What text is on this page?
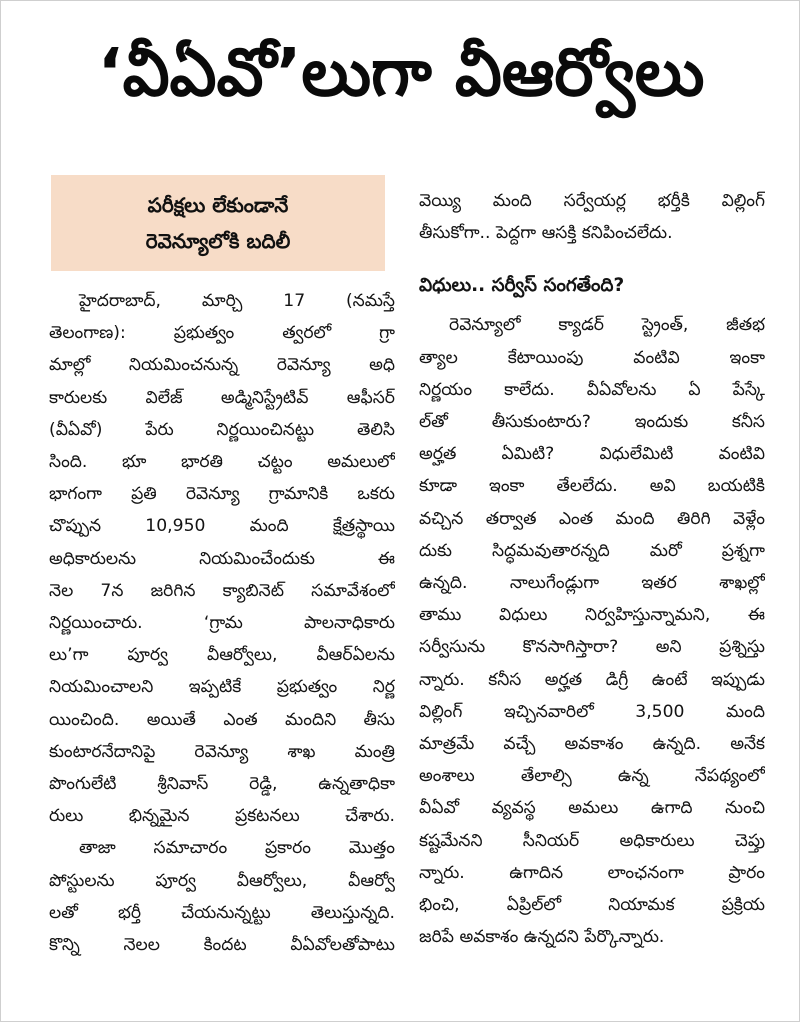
‘వీఏవో’లుగా వీఆర్వోలు
పరీక్షలు లేకుండానే
రెవెన్యూలోకి బదిలీ
హైదరాబాద్, మార్చి 17 (నమస్తే
తెలంగాణ): ప్రభుత్వం త్వరలో గ్రా
మాల్లో నియమించనున్న రెవెన్యూ అధి
కారులకు విలేజ్ అడ్మినిస్ట్రేటివ్ ఆఫీసర్
(వీఏవో) పేరు నిర్ణయించినట్టు తెలిసి
సింది. భూ భారతి చట్టం అమలులో
భాగంగా ప్రతి రెవెన్యూ గ్రామానికి ఒకరు
చొప్పున 10,950 మంది క్షేత్రస్థాయి
అధికారులను నియమించేందుకు ఈ
నెల 7న జరిగిన క్యాబినెట్ సమావేశంలో
నిర్ణయించారు. ‘గ్రామ పాలనాధికారు
లు’గా పూర్వ వీఆర్వోలు, వీఆర్ఏలను
నియమించాలని ఇప్పటికే ప్రభుత్వం నిర్ణ
యించింది. అయితే ఎంత మందిని తీసు
కుంటారనేదానిపై రెవెన్యూ శాఖ మంత్రి
పొంగులేటి శ్రీనివాస్ రెడ్డి, ఉన్నతాధికా
రులు భిన్నమైన ప్రకటనలు చేశారు.
తాజా సమాచారం ప్రకారం మొత్తం
పోస్టులను పూర్వ వీఆర్వోలు, వీఆర్వో
లతో భర్తీ చేయనున్నట్టు తెలుస్తున్నది.
కొన్ని నెలల కిందట వీఏవోలతోపాటు
వెయ్యి మంది సర్వేయర్ల భర్తీకి విల్లింగ్
తీసుకోగా.. పెద్దగా ఆసక్తి కనిపించలేదు.
విధులు.. సర్వీస్ సంగతేంది?
రెవెన్యూలో క్యాడర్ స్ట్రెంత్, జీతభ
త్యాల కేటాయింపు వంటివి ఇంకా
నిర్ణయం కాలేదు. వీఏవోలను ఏ పేస్కే
ల్‌తో తీసుకుంటారు? ఇందుకు కనీస
అర్హత ఏమిటి? విధులేమిటి వంటివి
కూడా ఇంకా తేలలేదు. అవి బయటికి
వచ్చిన తర్వాత ఎంత మంది తిరిగి వెళ్లేం
దుకు సిద్ధమవుతారన్నది మరో ప్రశ్నగా
ఉన్నది. నాలుగేండ్లుగా ఇతర శాఖల్లో
తాము విధులు నిర్వహిస్తున్నామని, ఈ
సర్వీసును కొనసాగిస్తారా? అని ప్రశ్నిస్తు
న్నారు. కనీస అర్హత డిగ్రీ ఉంటే ఇప్పుడు
విల్లింగ్ ఇచ్చినవారిలో 3,500 మంది
మాత్రమే వచ్చే అవకాశం ఉన్నది. అనేక
అంశాలు తేలాల్సి ఉన్న నేపథ్యంలో
వీఏవో వ్యవస్థ అమలు ఉగాది నుంచి
కష్టమేనని సీనియర్ అధికారులు చెప్తు
న్నారు. ఉగాదిన లాంఛనంగా ప్రారం
భించి, ఏప్రిల్‌లో నియామక ప్రక్రియ
జరిపే అవకాశం ఉన్నదని పేర్కొన్నారు.
